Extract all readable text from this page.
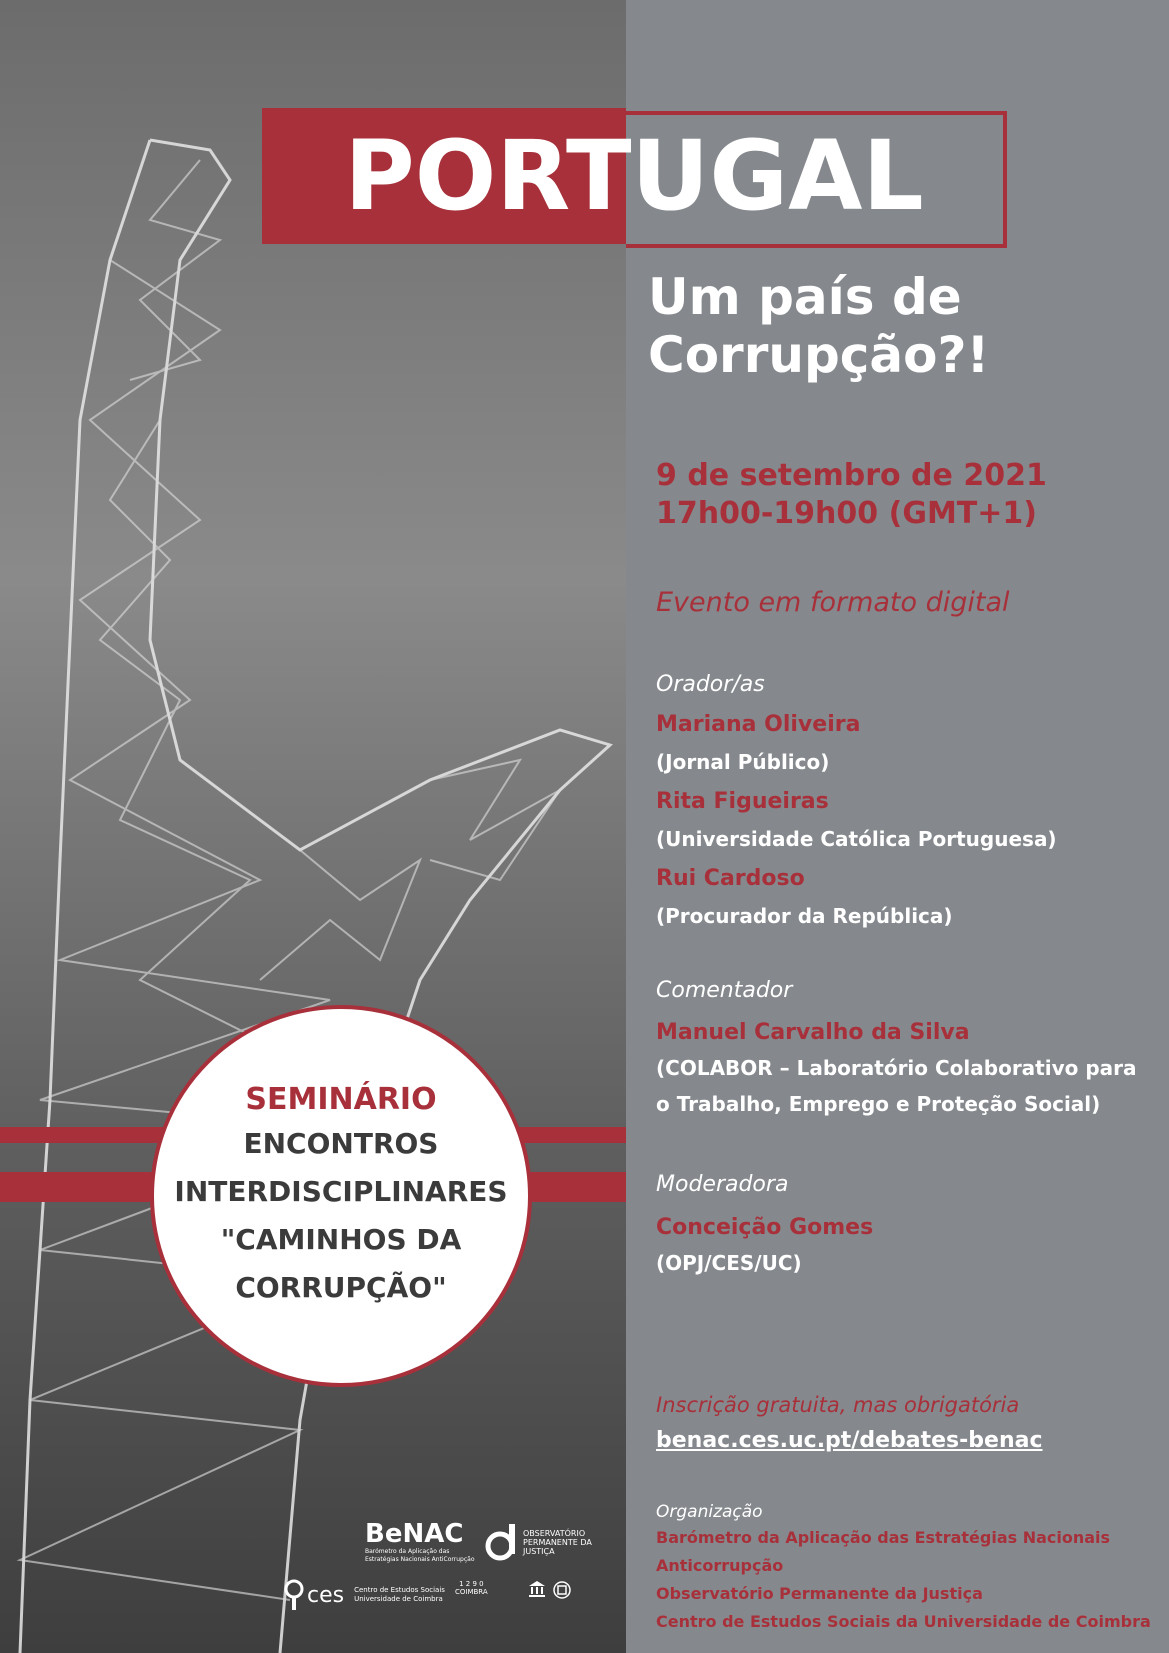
PORTUGAL
Um país de
Corrupção?!
9 de setembro de 2021
17h00-19h00 (GMT+1)
Evento em formato digital
Orador/as
Mariana Oliveira
(Jornal Público)
Rita Figueiras
(Universidade Católica Portuguesa)
Rui Cardoso
(Procurador da República)
Comentador
Manuel Carvalho da Silva
(COLABOR – Laboratório Colaborativo para
o Trabalho, Emprego e Proteção Social)
Moderadora
Conceição Gomes
(OPJ/CES/UC)
Inscrição gratuita, mas obrigatória
benac.ces.uc.pt/debates-benac
Organização
Barómetro da Aplicação das Estratégias Nacionais
Anticorrupção
Observatório Permanente da Justiça
Centro de Estudos Sociais da Universidade de Coimbra
SEMINÁRIO
ENCONTROS
INTERDISCIPLINARES
"CAMINHOS DA
CORRUPÇÃO"
BeNAC
Barómetro da Aplicação das Estratégias Nacionais AntiCorrupção
OBSERVATÓRIO
PERMANENTE DA
JUSTIÇA
ces Centro de Estudos Sociais
Universidade de Coimbra
1 2 9 0
COIMBRA
